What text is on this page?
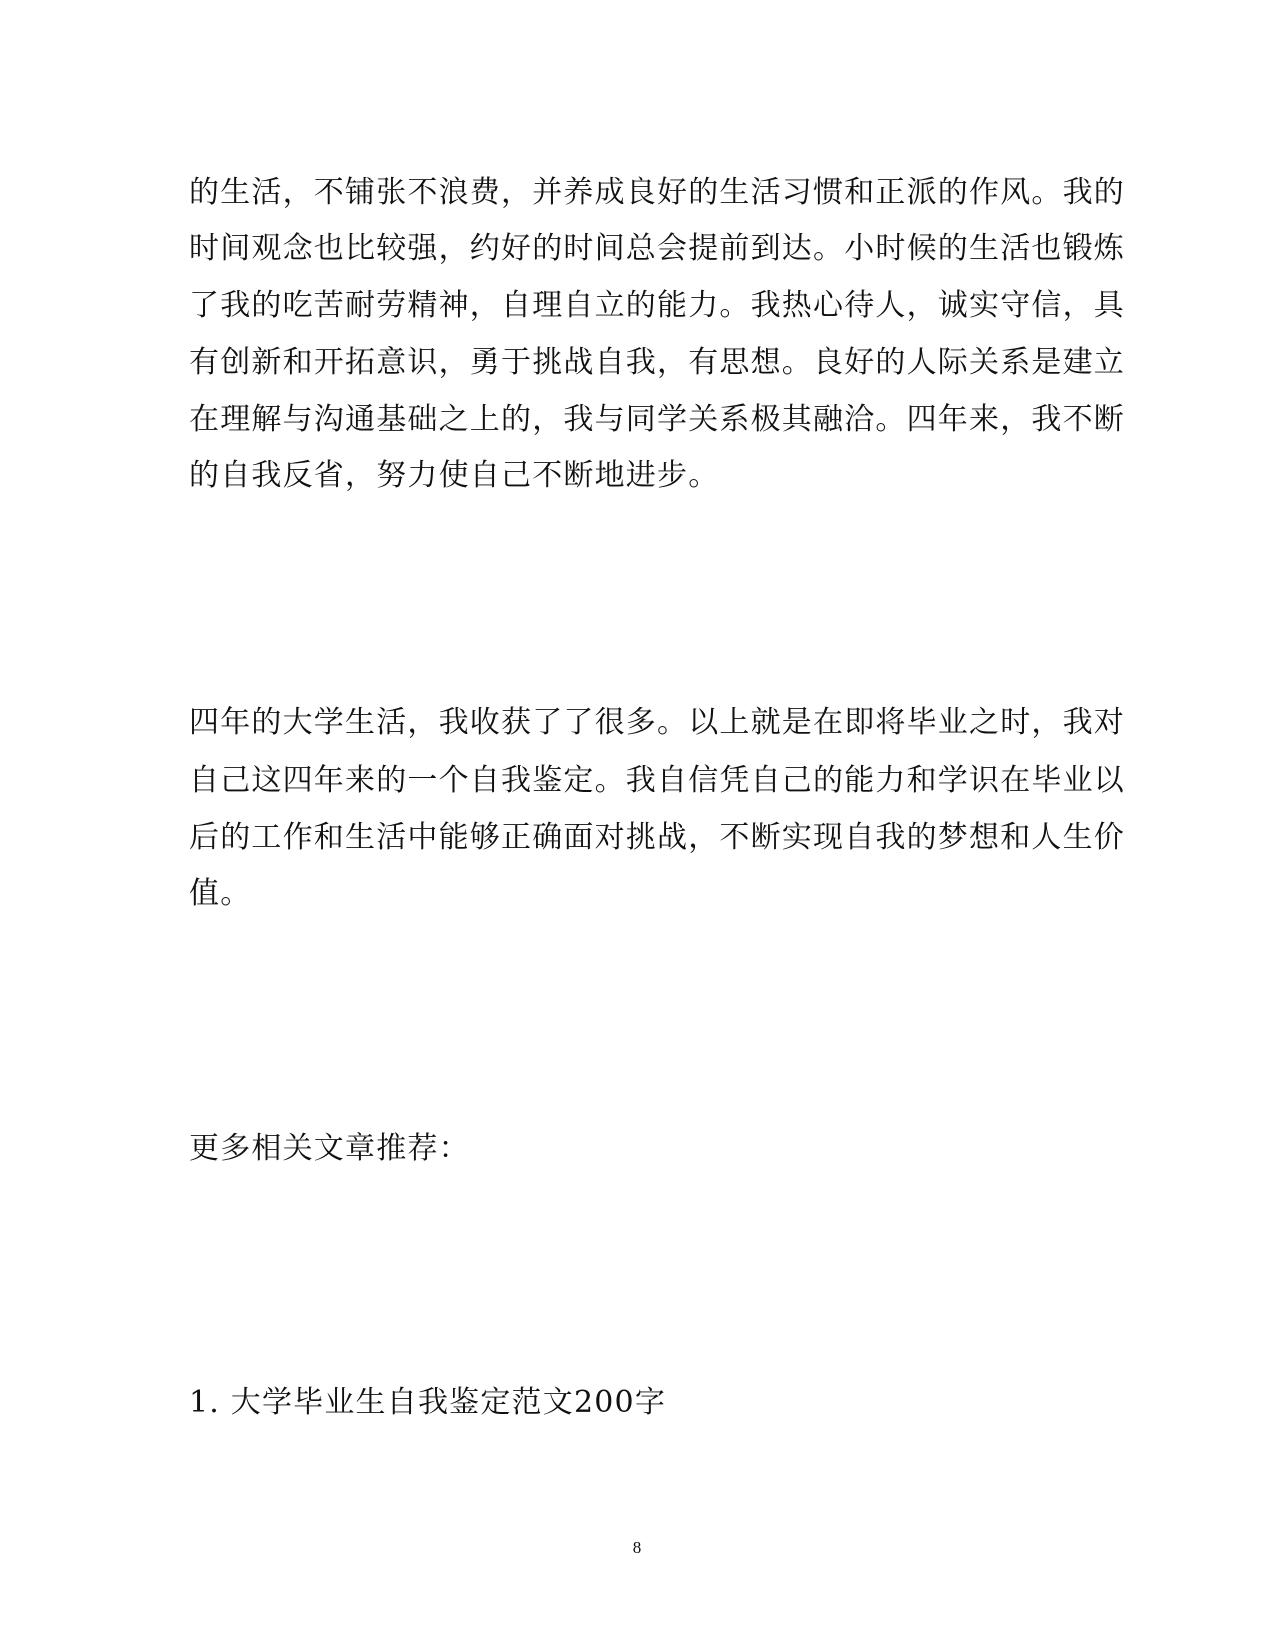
的生活，不铺张不浪费，并养成良好的生活习惯和正派的作风。我的
时间观念也比较强，约好的时间总会提前到达。小时候的生活也锻炼
了我的吃苦耐劳精神，自理自立的能力。我热心待人，诚实守信，具
有创新和开拓意识，勇于挑战自我，有思想。良好的人际关系是建立
在理解与沟通基础之上的，我与同学关系极其融洽。四年来，我不断
的自我反省，努力使自己不断地进步。
四年的大学生活，我收获了了很多。以上就是在即将毕业之时，我对
自己这四年来的一个自我鉴定。我自信凭自己的能力和学识在毕业以
后的工作和生活中能够正确面对挑战，不断实现自我的梦想和人生价
值。
更多相关文章推荐：
1. 大学毕业生自我鉴定范文200字
8
